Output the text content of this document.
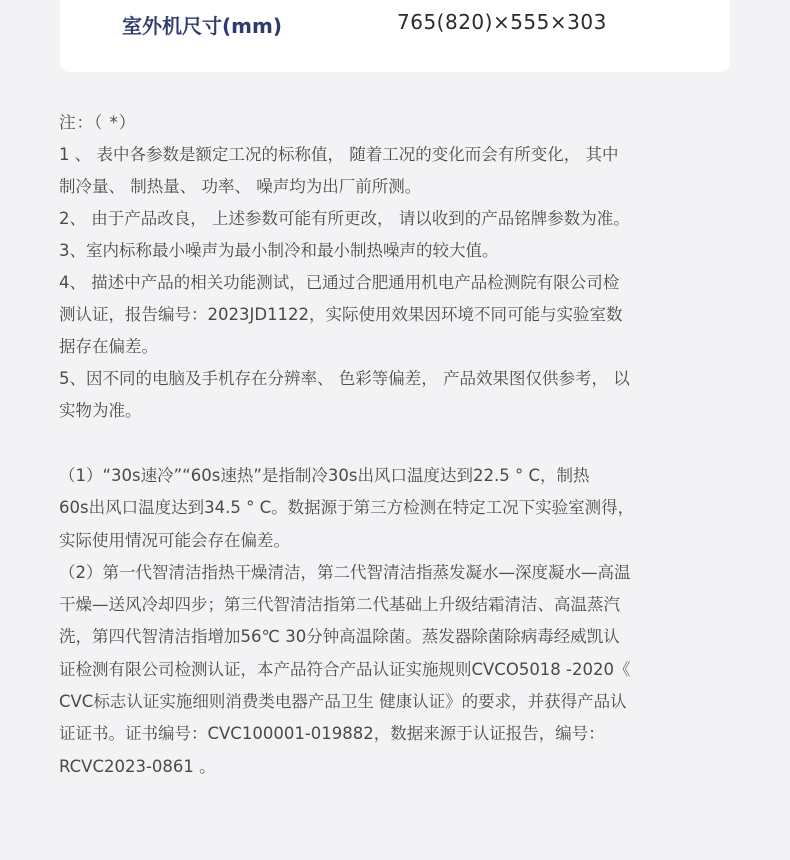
室外机尺寸(mm)	765(820)×555×303
注：（ *）
1 、 表中各参数是额定工况的标称值， 随着工况的变化而会有所变化， 其中
制冷量、 制热量、 功率、 噪声均为出厂前所测。
2、 由于产品改良， 上述参数可能有所更改， 请以收到的产品铭牌参数为准。
3、室内标称最小噪声为最小制冷和最小制热噪声的较大值。
4、 描述中产品的相关功能测试，已通过合肥通用机电产品检测院有限公司检
测认证，报告编号：2023JD1122，实际使用效果因环境不同可能与实验室数
据存在偏差。
5、因不同的电脑及手机存在分辨率、 色彩等偏差， 产品效果图仅供参考， 以
实物为准。
（1）“30s速冷”“60s速热”是指制冷30s出风口温度达到22.5 ° C，制热
60s出风口温度达到34.5 ° C。数据源于第三方检测在特定工况下实验室测得，
实际使用情况可能会存在偏差。
（2）第一代智清洁指热干燥清洁，第二代智清洁指蒸发凝水—深度凝水—高温
干燥—送风冷却四步；第三代智清洁指第二代基础上升级结霜清洁、高温蒸汽
洗，第四代智清洁指增加56℃ 30分钟高温除菌。蒸发器除菌除病毒经威凯认
证检测有限公司检测认证，本产品符合产品认证实施规则CVCO5018 -2020《
CVC标志认证实施细则消费类电器产品卫生 健康认证》的要求，并获得产品认
证证书。证书编号：CVC100001-019882，数据来源于认证报告，编号：
RCVC2023-0861 。
